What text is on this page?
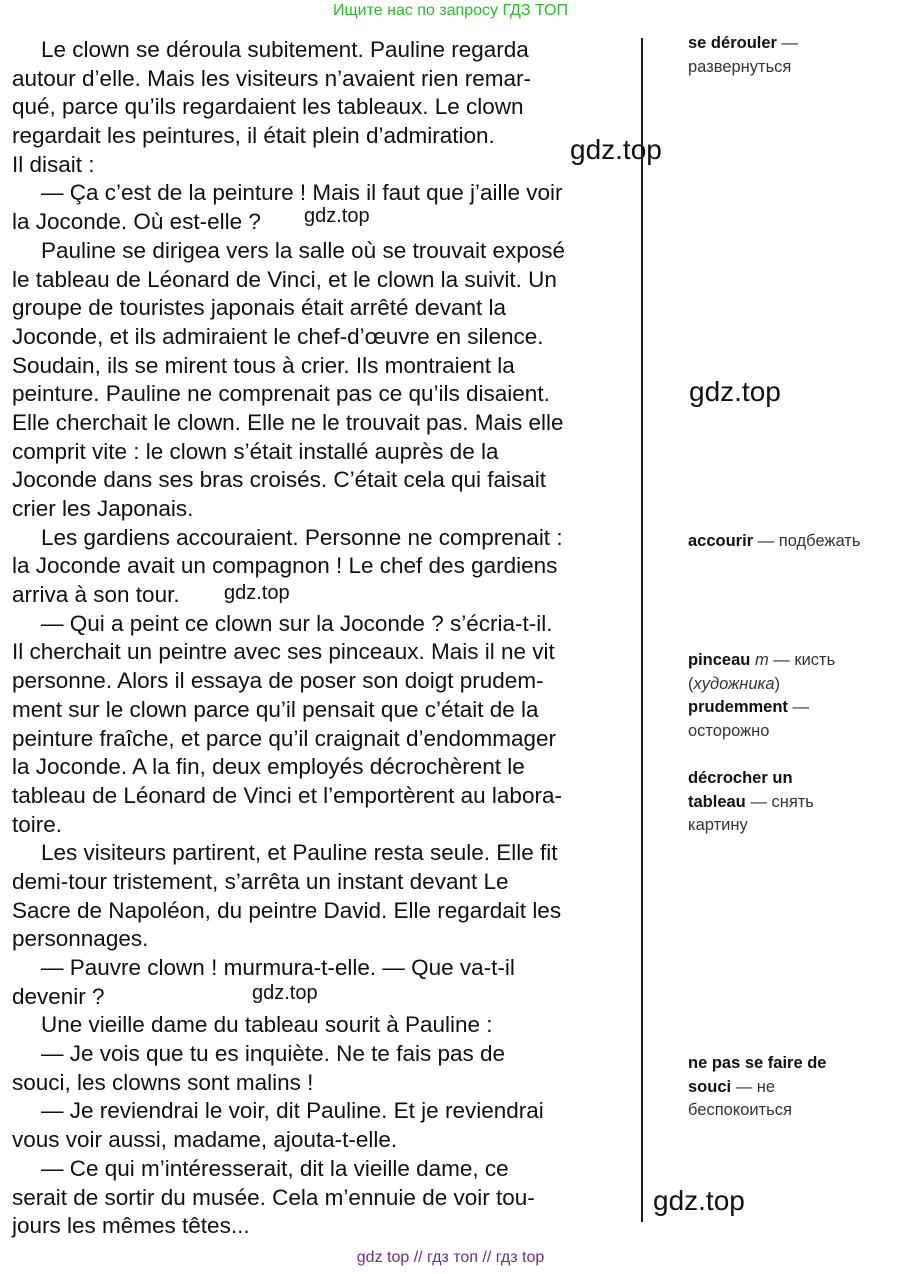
Ищите нас по запросу ГДЗ ТОП
Le clown se déroula subitement. Pauline regarda
autour d’elle. Mais les visiteurs n’avaient rien remar-
qué, parce qu’ils regardaient les tableaux. Le clown
regardait les peintures, il était plein d’admiration.
Il disait :
— Ça c’est de la peinture ! Mais il faut que j’aille voir
la Joconde. Où est-elle ?
Pauline se dirigea vers la salle où se trouvait exposé
le tableau de Léonard de Vinci, et le clown la suivit. Un
groupe de touristes japonais était arrêté devant la
Joconde, et ils admiraient le chef-d’œuvre en silence.
Soudain, ils se mirent tous à crier. Ils montraient la
peinture. Pauline ne comprenait pas ce qu’ils disaient.
Elle cherchait le clown. Elle ne le trouvait pas. Mais elle
comprit vite : le clown s’était installé auprès de la
Joconde dans ses bras croisés. C’était cela qui faisait
crier les Japonais.
Les gardiens accouraient. Personne ne comprenait :
la Joconde avait un compagnon ! Le chef des gardiens
arriva à son tour.
— Qui a peint ce clown sur la Joconde ? s’écria-t-il.
Il cherchait un peintre avec ses pinceaux. Mais il ne vit
personne. Alors il essaya de poser son doigt prudem-
ment sur le clown parce qu’il pensait que c’était de la
peinture fraîche, et parce qu’il craignait d’endommager
la Joconde. A la fin, deux employés décrochèrent le
tableau de Léonard de Vinci et l’emportèrent au labora-
toire.
Les visiteurs partirent, et Pauline resta seule. Elle fit
demi-tour tristement, s’arrêta un instant devant Le
Sacre de Napoléon, du peintre David. Elle regardait les
personnages.
— Pauvre clown ! murmura-t-elle. — Que va-t-il
devenir ?
Une vieille dame du tableau sourit à Pauline :
— Je vois que tu es inquiète. Ne te fais pas de
souci, les clowns sont malins !
— Je reviendrai le voir, dit Pauline. Et je reviendrai
vous voir aussi, madame, ajouta-t-elle.
— Ce qui m’intéresserait, dit la vieille dame, ce
serait de sortir du musée. Cela m’ennuie de voir tou-
jours les mêmes têtes...
se dérouler —
развернуться
accourir — подбежать
pinceau m — кисть
(художника)
prudemment —
осторожно
décrocher un
tableau — снять
картину
ne pas se faire de
souci — не
беспокоиться
gdz.top
gdz.top
gdz.top
gdz.top
gdz.top
gdz.top
gdz top // гдз топ // гдз top
